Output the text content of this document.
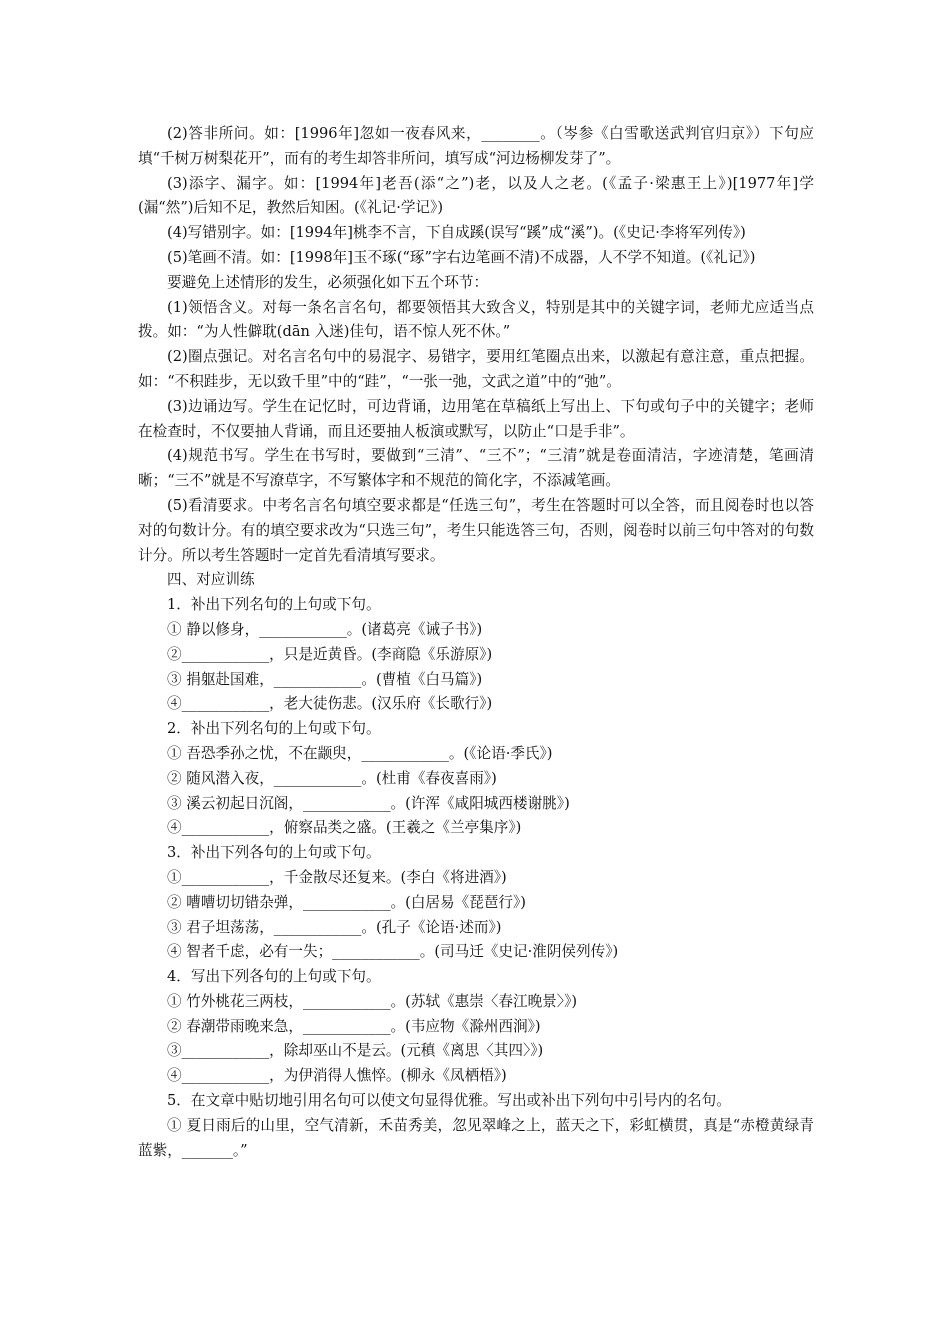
(2)答非所问。如：[1996年]忽如一夜春风来，________。（岑参《白雪歌送武判官归京》）下句应填“千树万树梨花开”，而有的考生却答非所问，填写成“河边杨柳发芽了”。

(3)添字、漏字。如：[1994年]老吾(添“之”)老，以及人之老。(《孟子·梁惠王上》)[1977年]学(漏“然”)后知不足，教然后知困。(《礼记·学记》)

(4)写错别字。如：[1994年]桃李不言，下自成蹊(误写“蹊”成“溪”)。(《史记·李将军列传》)

(5)笔画不清。如：[1998年]玉不琢(“琢”字右边笔画不清)不成器，人不学不知道。(《礼记》)

要避免上述情形的发生，必须强化如下五个环节：

(1)领悟含义。对每一条名言名句，都要领悟其大致含义，特别是其中的关键字词，老师尤应适当点拨。如：“为人性僻耽(dān 入迷)佳句，语不惊人死不休。”

(2)圈点强记。对名言名句中的易混字、易错字，要用红笔圈点出来，以激起有意注意，重点把握。如：“不积跬步，无以致千里”中的“跬”，“一张一弛，文武之道”中的“弛”。

(3)边诵边写。学生在记忆时，可边背诵，边用笔在草稿纸上写出上、下句或句子中的关键字；老师在检查时，不仅要抽人背诵，而且还要抽人板演或默写，以防止“口是手非”。

(4)规范书写。学生在书写时，要做到“三清”、“三不”；“三清”就是卷面清洁，字迹清楚，笔画清晰；“三不”就是不写潦草字，不写繁体字和不规范的简化字，不添减笔画。

(5)看清要求。中考名言名句填空要求都是“任选三句”，考生在答题时可以全答，而且阅卷时也以答对的句数计分。有的填空要求改为“只选三句”，考生只能选答三句，否则，阅卷时以前三句中答对的句数计分。所以考生答题时一定首先看清填写要求。

四、对应训练

1．补出下列名句的上句或下句。

① 静以修身，____________。(诸葛亮《诫子书》)

②____________，只是近黄昏。(李商隐《乐游原》)

③ 捐躯赴国难，____________。(曹植《白马篇》)

④____________，老大徒伤悲。(汉乐府《长歌行》)

2．补出下列名句的上句或下句。

① 吾恐季孙之忧，不在颛臾，____________。(《论语·季氏》)

② 随风潜入夜，____________。(杜甫《春夜喜雨》)

③ 溪云初起日沉阁，____________。(许浑《咸阳城西楼谢朓》)

④____________，俯察品类之盛。(王羲之《兰亭集序》)

3．补出下列各句的上句或下句。

①____________，千金散尽还复来。(李白《将进酒》)

② 嘈嘈切切错杂弹，____________。(白居易《琵琶行》)

③ 君子坦荡荡，____________。(孔子《论语·述而》)

④ 智者千虑，必有一失；____________。(司马迁《史记·淮阴侯列传》)

4．写出下列各句的上句或下句。

① 竹外桃花三两枝，____________。(苏轼《惠崇〈春江晚景〉》)

② 春潮带雨晚来急，____________。(韦应物《滁州西涧》)

③____________，除却巫山不是云。(元稹《离思〈其四〉》)

④____________，为伊消得人憔悴。(柳永《凤栖梧》)

5．在文章中贴切地引用名句可以使文句显得优雅。写出或补出下列句中引号内的名句。

① 夏日雨后的山里，空气清新，禾苗秀美，忽见翠峰之上，蓝天之下，彩虹横贯，真是“赤橙黄绿青蓝紫，_______。”
